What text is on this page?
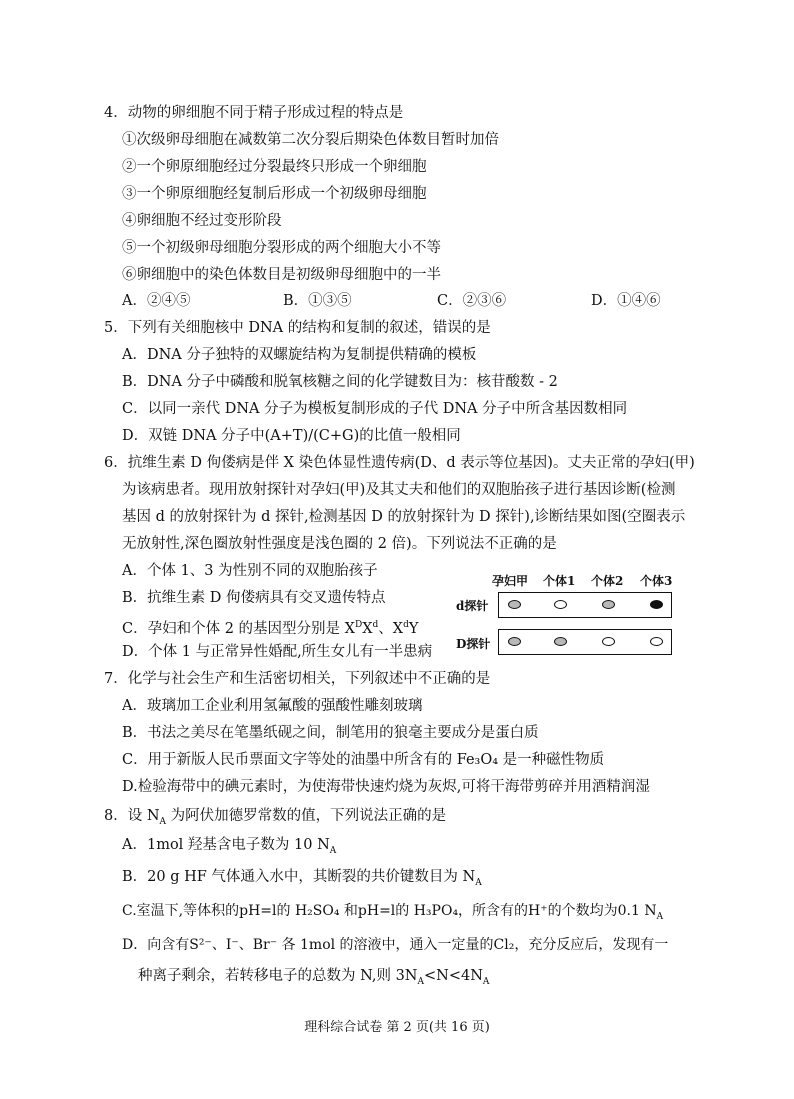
4．动物的卵细胞不同于精子形成过程的特点是
①次级卵母细胞在减数第二次分裂后期染色体数目暂时加倍
②一个卵原细胞经过分裂最终只形成一个卵细胞
③一个卵原细胞经复制后形成一个初级卵母细胞
④卵细胞不经过变形阶段
⑤一个初级卵母细胞分裂形成的两个细胞大小不等
⑥卵细胞中的染色体数目是初级卵母细胞中的一半
A．②④⑤	B．①③⑤	C．②③⑥	D．①④⑥
5．下列有关细胞核中 DNA 的结构和复制的叙述，错误的是
A．DNA 分子独特的双螺旋结构为复制提供精确的模板
B．DNA 分子中磷酸和脱氧核糖之间的化学键数目为：核苷酸数 - 2
C．以同一亲代 DNA 分子为模板复制形成的子代 DNA 分子中所含基因数相同
D．双链 DNA 分子中(A+T)/(C+G)的比值一般相同
6．抗维生素 D 佝偻病是伴 X 染色体显性遗传病(D、d 表示等位基因)。丈夫正常的孕妇(甲)
为该病患者。现用放射探针对孕妇(甲)及其丈夫和他们的双胞胎孩子进行基因诊断(检测
基因 d 的放射探针为 d 探针,检测基因 D 的放射探针为 D 探针),诊断结果如图(空圈表示
无放射性,深色圈放射性强度是浅色圈的 2 倍)。下列说法不正确的是
A．个体 1、3 为性别不同的双胞胎孩子
B．抗维生素 D 佝偻病具有交叉遗传特点
C．孕妇和个体 2 的基因型分别是 $X^DX^d$、$X^dY$
D．个体 1 与正常异性婚配,所生女儿有一半患病
孕妇甲 个体1 个体2 个体3
d探针
D探针
7．化学与社会生产和生活密切相关，下列叙述中不正确的是
A．玻璃加工企业利用氢氟酸的强酸性雕刻玻璃
B．书法之美尽在笔墨纸砚之间，制笔用的狼毫主要成分是蛋白质
C．用于新版人民币票面文字等处的油墨中所含有的 Fe₃O₄ 是一种磁性物质
D.检验海带中的碘元素时，为使海带快速灼烧为灰烬,可将干海带剪碎并用酒精润湿
8．设 $N_A$ 为阿伏加德罗常数的值，下列说法正确的是
A．1mol 羟基含电子数为 10 $N_A$
B．20 g HF 气体通入水中，其断裂的共价键数目为 $N_A$
C.室温下,等体积的pH=l的 H₂SO₄ 和pH=l的 H₃PO₄，所含有的H⁺的个数均为0.1 $N_A$
D．向含有S²⁻、I⁻、Br⁻ 各 1mol 的溶液中，通入一定量的Cl₂，充分反应后，发现有一
种离子剩余，若转移电子的总数为 N,则 $3N_A<N<4N_A$
理科综合试卷 第 2 页(共 16 页)
